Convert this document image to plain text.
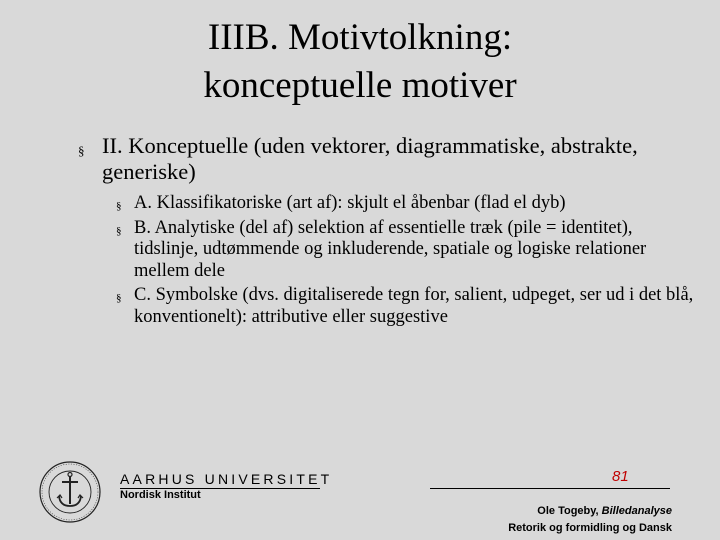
IIIB. Motivtolkning:
konceptuelle motiver
§ II. Konceptuelle (uden vektorer, diagrammatiske, abstrakte, generiske)
§ A. Klassifikatoriske (art af): skjult el åbenbar (flad el dyb)
§ B. Analytiske (del af) selektion af essentielle træk (pile = identitet), tidslinje, udtømmende og inkluderende, spatiale og logiske relationer mellem dele
§ C. Symbolske (dvs. digitaliserede tegn for, salient, udpeget, ser ud i det blå, konventionelt): attributive eller suggestive
AARHUS UNIVERSITET
Nordisk Institut
81
Ole Togeby, Billedanalyse
Retorik og formidling og Dansk
